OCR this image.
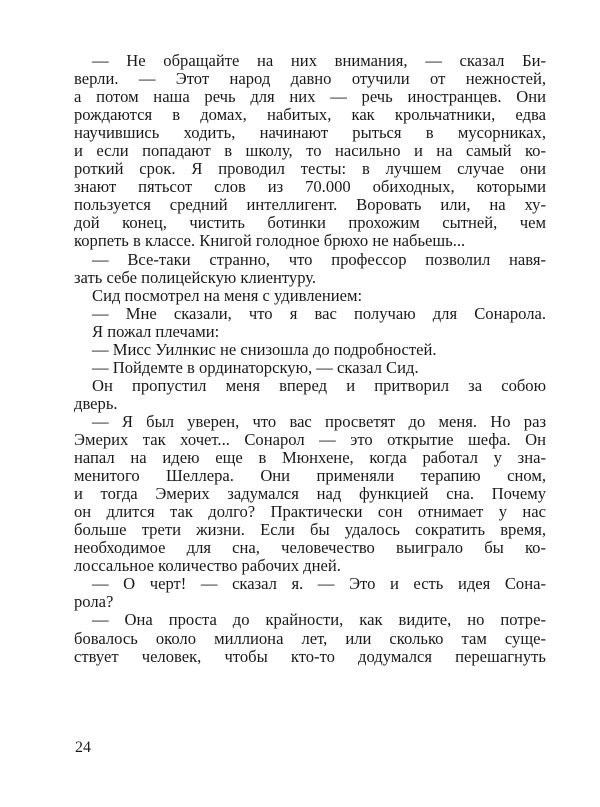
— Не обращайте на них внимания, — сказал Би-
верли. — Этот народ давно отучили от нежностей,
а потом наша речь для них — речь иностранцев. Они
рождаются в домах, набитых, как крольчатники, едва
научившись ходить, начинают рыться в мусорниках,
и если попадают в школу, то насильно и на самый ко-
роткий срок. Я проводил тесты: в лучшем случае они
знают пятьсот слов из 70.000 обиходных, которыми
пользуется средний интеллигент. Воровать или, на ху-
дой конец, чистить ботинки прохожим сытней, чем
корпеть в классе. Книгой голодное брюхо не набьешь...
— Все-таки странно, что профессор позволил навя-
зать себе полицейскую клиентуру.
Сид посмотрел на меня с удивлением:
— Мне сказали, что я вас получаю для Сонарола.
Я пожал плечами:
— Мисс Уилнкис не снизошла до подробностей.
— Пойдемте в ординаторскую, — сказал Сид.
Он пропустил меня вперед и притворил за собою
дверь.
— Я был уверен, что вас просветят до меня. Но раз
Эмерих так хочет... Сонарол — это открытие шефа. Он
напал на идею еще в Мюнхене, когда работал у зна-
менитого Шеллера. Они применяли терапию сном,
и тогда Эмерих задумался над функцией сна. Почему
он длится так долго? Практически сон отнимает у нас
больше трети жизни. Если бы удалось сократить время,
необходимое для сна, человечество выиграло бы ко-
лоссальное количество рабочих дней.
— О черт! — сказал я. — Это и есть идея Сона-
рола?
— Она проста до крайности, как видите, но потре-
бовалось около миллиона лет, или сколько там суще-
ствует человек, чтобы кто-то додумался перешагнуть
24
